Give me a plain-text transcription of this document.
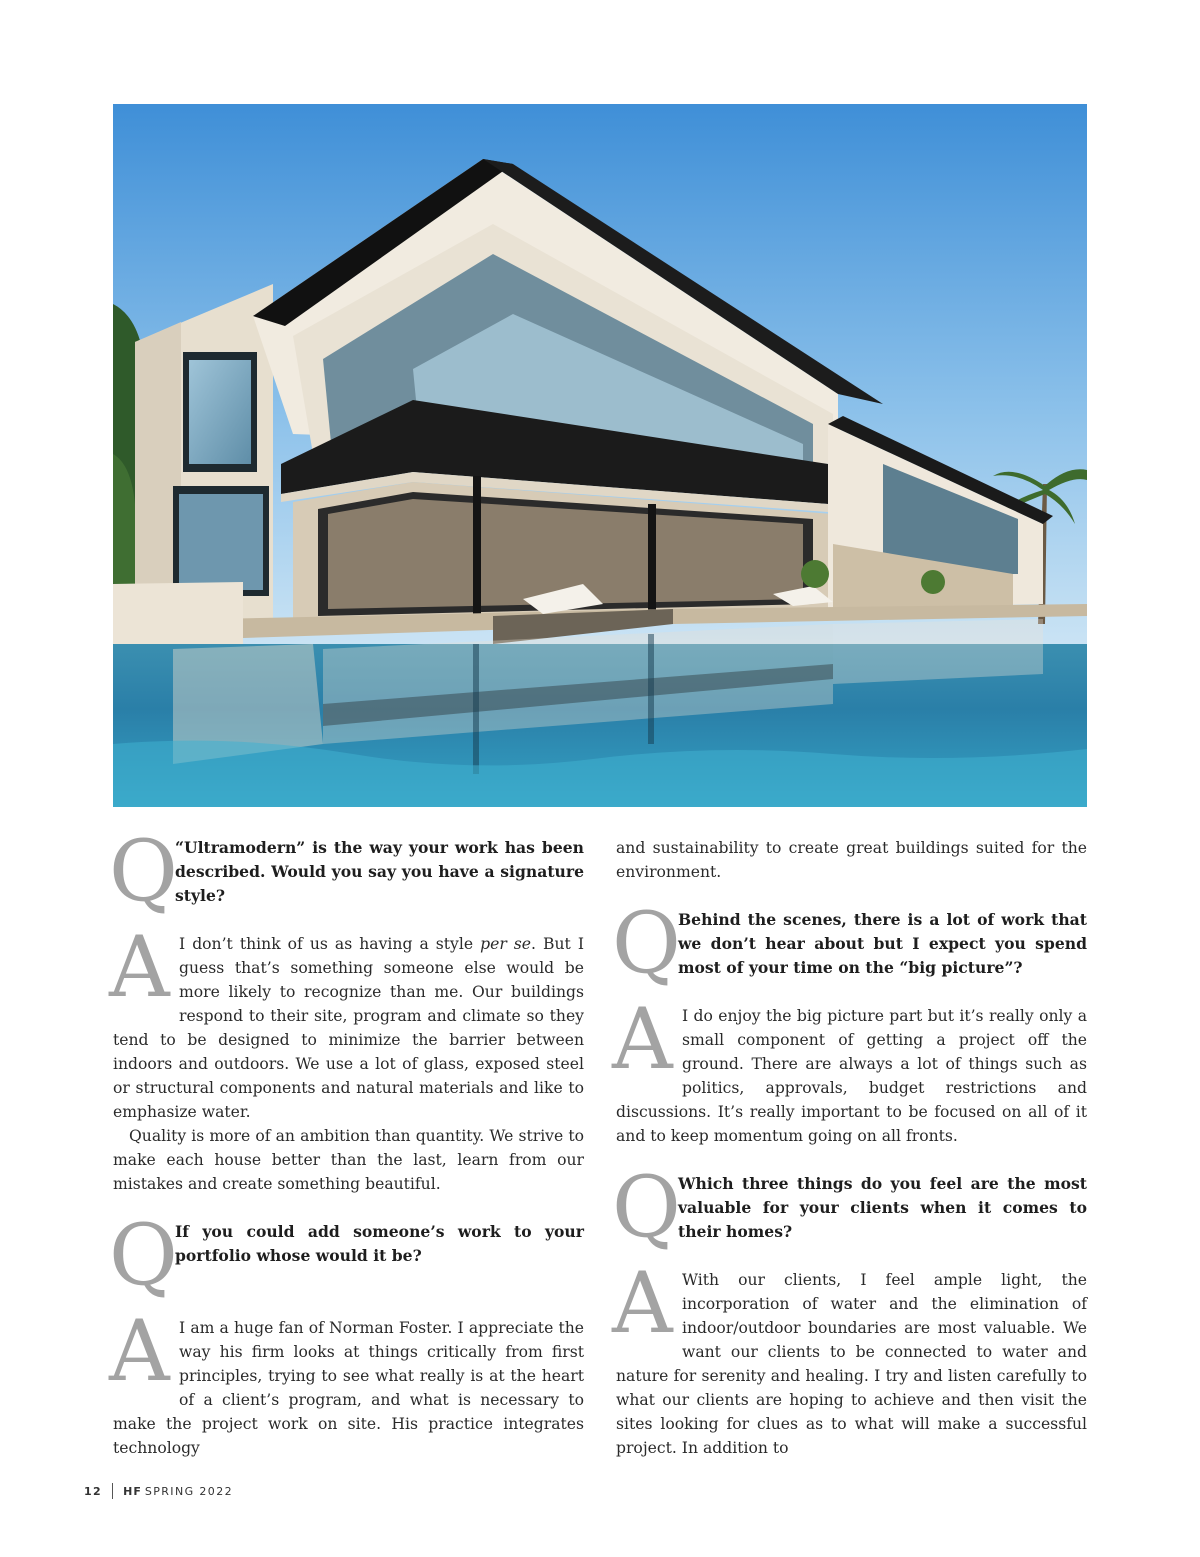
Q
“Ultramodern” is the way your work has been described. Would you say you have a signature style?
A I don’t think of us as having a style per se. But I guess that’s something someone else would be more likely to recognize than me. Our buildings respond to their site, program and climate so they tend to be designed to minimize the barrier between indoors and outdoors. We use a lot of glass, exposed steel or structural components and natural materials and like to emphasize water.

Quality is more of an ambition than quantity. We strive to make each house better than the last, learn from our mistakes and create something beautiful.

Q
If you could add someone’s work to your portfolio whose would it be?
A I am a huge fan of Norman Foster. I appreciate the way his firm looks at things critically from first principles, trying to see what really is at the heart of a client’s program, and what is necessary to make the project work on site. His practice integrates technology

and sustainability to create great buildings suited for the environment.

Q
Behind the scenes, there is a lot of work that we don’t hear about but I expect you spend most of your time on the “big picture”?
A I do enjoy the big picture part but it’s really only a small component of getting a project off the ground. There are always a lot of things such as politics, approvals, budget restrictions and discussions. It’s really important to be focused on all of it and to keep momentum going on all fronts.

Q
Which three things do you feel are the most valuable for your clients when it comes to their homes?
A With our clients, I feel ample light, the incorporation of water and the elimination of indoor/outdoor boundaries are most valuable. We want our clients to be connected to water and nature for serenity and healing. I try and listen carefully to what our clients are hoping to achieve and then visit the sites looking for clues as to what will make a successful project. In addition to

12 HF SPRING 2022
